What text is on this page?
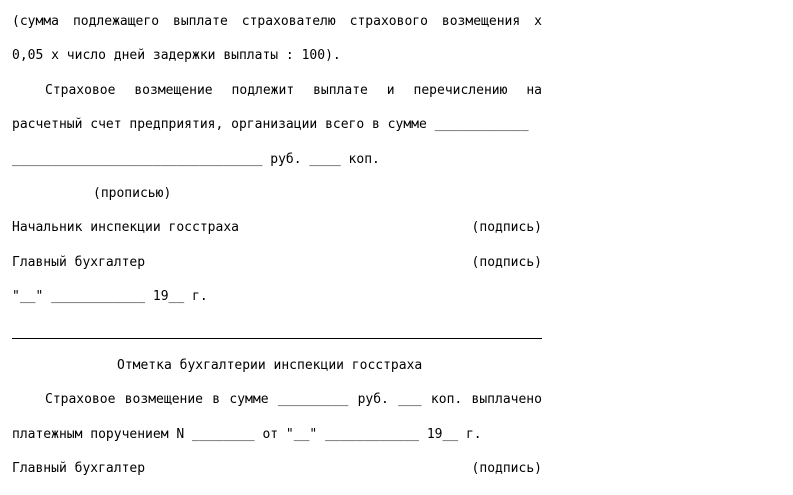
(сумма подлежащего выплате страхователю страхового возмещения х
0,05 х число дней задержки выплаты : 100).
Страховое возмещение подлежит выплате и перечислению на
расчетный счет предприятия, организации всего в сумме ____________
________________________________ руб. ____ коп.
(прописью)
Начальник инспекции госстраха	(подпись)
Главный бухгалтер	(подпись)
"__" ____________ 19__ г.

Отметка бухгалтерии инспекции госстраха
Страховое возмещение в сумме _________ руб. ___ коп. выплачено
платежным поручением N ________ от "__" ____________ 19__ г.
Главный бухгалтер	(подпись)
